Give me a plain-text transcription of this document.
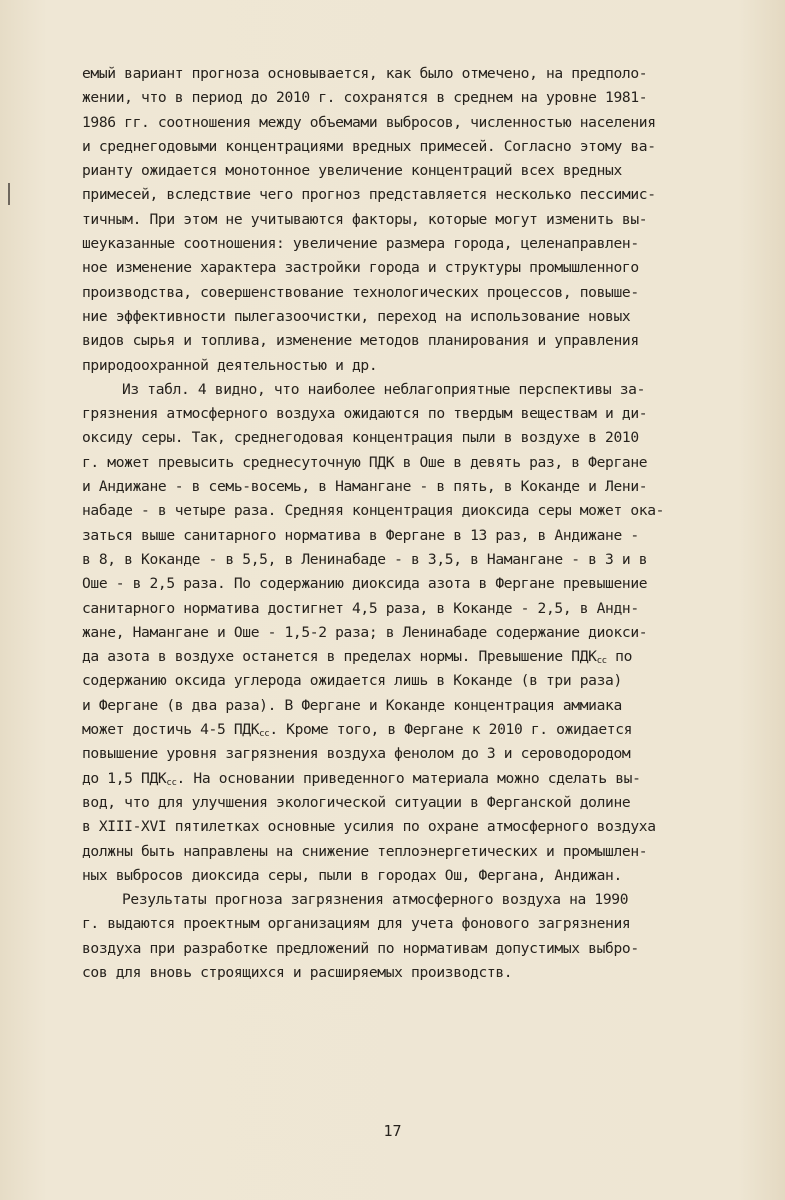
емый вариант прогноза основывается, как было отмечено, на предполо-
жении, что в период до 2010 г. сохранятся в среднем на уровне 1981-
1986 гг. соотношения между объемами выбросов, численностью населения
и среднегодовыми концентрациями вредных примесей. Согласно этому ва-
рианту ожидается монотонное увеличение концентраций всех вредных
примесей, вследствие чего прогноз представляется несколько пессимис-
тичным. При этом не учитываются факторы, которые могут изменить вы-
шеуказанные соотношения: увеличение размера города, целенаправлен-
ное изменение характера застройки города и структуры промышленного
производства, совершенствование технологических процессов, повыше-
ние эффективности пылегазоочистки, переход на использование новых
видов сырья и топлива, изменение методов планирования и управления
природоохранной деятельностью и др.
Из табл. 4 видно, что наиболее неблагоприятные перспективы за-
грязнения атмосферного воздуха ожидаются по твердым веществам и ди-
оксиду серы. Так, среднегодовая концентрация пыли в воздухе в 2010
г. может превысить среднесуточную ПДК в Оше в девять раз, в Фергане
и Андижане - в семь-восемь, в Намангане - в пять, в Коканде и Лени-
набаде - в четыре раза. Средняя концентрация диоксида серы может ока-
заться выше санитарного норматива в Фергане в 13 раз, в Андижане -
в 8, в Коканде - в 5,5, в Ленинабаде - в 3,5, в Намангане - в 3 и в
Оше - в 2,5 раза. По содержанию диоксида азота в Фергане превышение
санитарного норматива достигнет 4,5 раза, в Коканде - 2,5, в Андн-
жане, Намангане и Оше - 1,5-2 раза; в Ленинабаде содержание диокси-
да азота в воздухе останется в пределах нормы. Превышение $ПДК_{cc}$ по
содержанию оксида углерода ожидается лишь в Коканде (в три раза)
и Фергане (в два раза). В Фергане и Коканде концентрация аммиака
может достичь 4-5 $ПДК_{cc}$. Кроме того, в Фергане к 2010 г. ожидается
повышение уровня загрязнения воздуха фенолом до 3 и сероводородом
до 1,5 $ПДК_{cc}$. На основании приведенного материала можно сделать вы-
вод, что для улучшения экологической ситуации в Ферганской долине
в XIII-XVI пятилетках основные усилия по охране атмосферного воздуха
должны быть направлены на снижение теплоэнергетических и промышлен-
ных выбросов диоксида серы, пыли в городах Ош, Фергана, Андижан.
Результаты прогноза загрязнения атмосферного воздуха на 1990
г. выдаются проектным организациям для учета фонового загрязнения
воздуха при разработке предложений по нормативам допустимых выбро-
сов для вновь строящихся и расширяемых производств.
17
